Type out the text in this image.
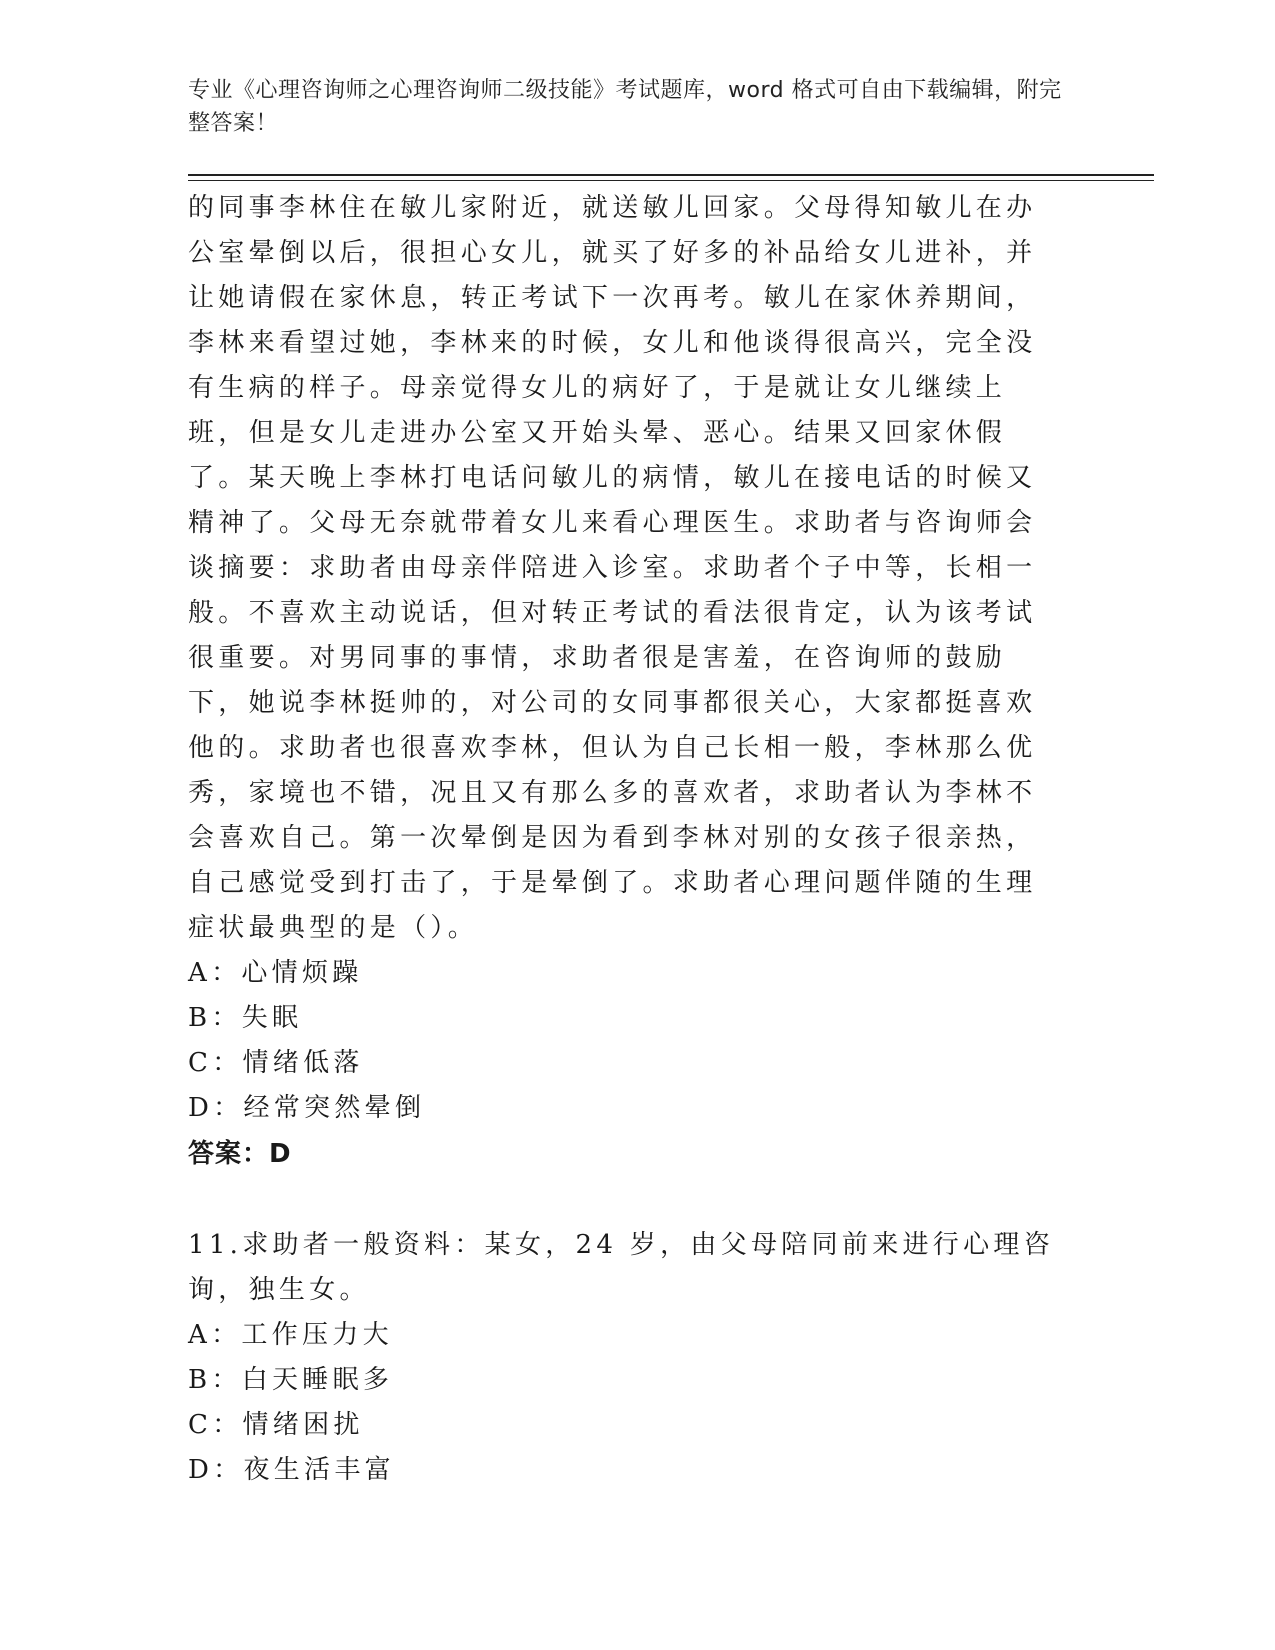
专业《心理咨询师之心理咨询师二级技能》考试题库，word 格式可自由下载编辑，附完整答案！

的同事李林住在敏儿家附近，就送敏儿回家。父母得知敏儿在办公室晕倒以后，很担心女儿，就买了好多的补品给女儿进补，并让她请假在家休息，转正考试下一次再考。敏儿在家休养期间，李林来看望过她，李林来的时候，女儿和他谈得很高兴，完全没有生病的样子。母亲觉得女儿的病好了，于是就让女儿继续上班，但是女儿走进办公室又开始头晕、恶心。结果又回家休假了。某天晚上李林打电话问敏儿的病情，敏儿在接电话的时候又精神了。父母无奈就带着女儿来看心理医生。求助者与咨询师会谈摘要：求助者由母亲伴陪进入诊室。求助者个子中等，长相一般。不喜欢主动说话，但对转正考试的看法很肯定，认为该考试很重要。对男同事的事情，求助者很是害羞，在咨询师的鼓励下，她说李林挺帅的，对公司的女同事都很关心，大家都挺喜欢他的。求助者也很喜欢李林，但认为自己长相一般，李林那么优秀，家境也不错，况且又有那么多的喜欢者，求助者认为李林不会喜欢自己。第一次晕倒是因为看到李林对别的女孩子很亲热，自己感觉受到打击了，于是晕倒了。求助者心理问题伴随的生理症状最典型的是（）。

A：心情烦躁

B：失眠

C：情绪低落

D：经常突然晕倒

答案：D

11.求助者一般资料：某女，24 岁，由父母陪同前来进行心理咨询，独生女。

A：工作压力大

B：白天睡眠多

C：情绪困扰

D：夜生活丰富
